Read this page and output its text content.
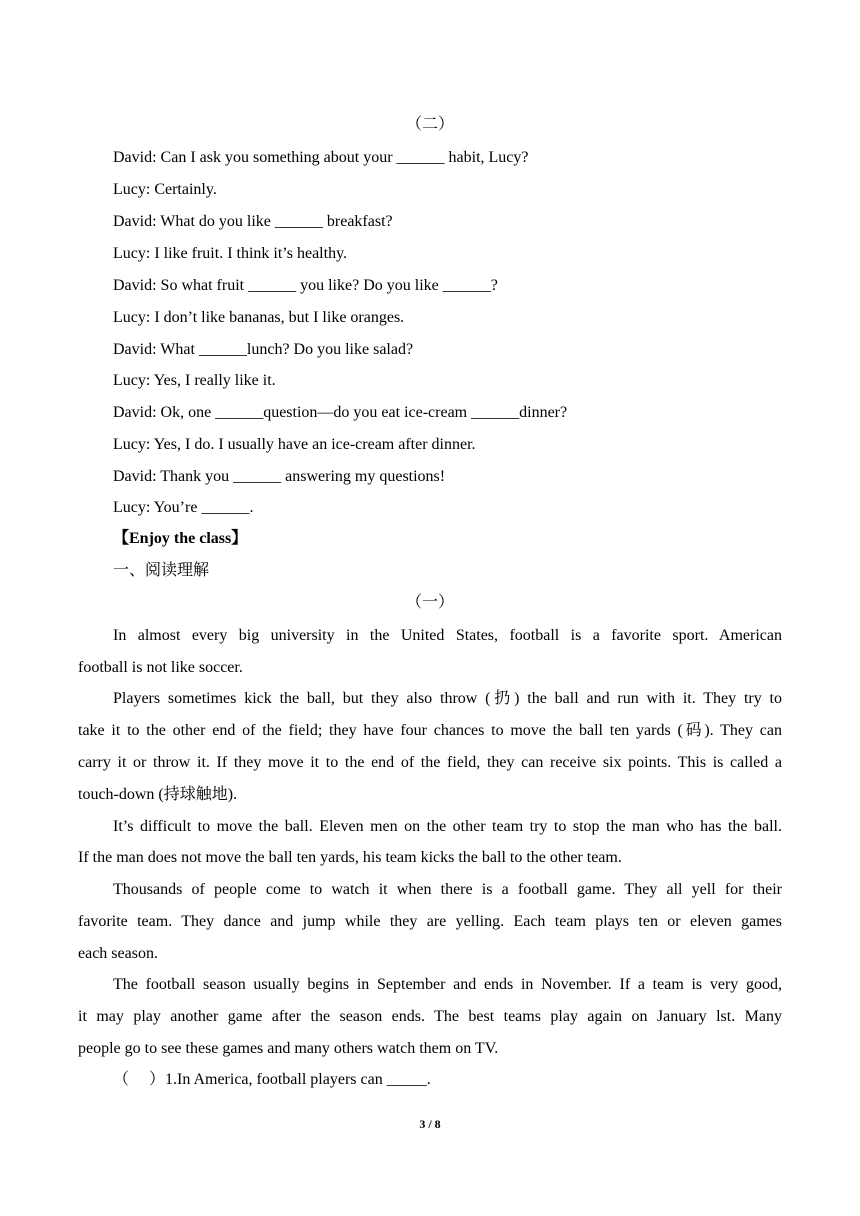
（二）
David: Can I ask you something about your ______ habit, Lucy?
Lucy: Certainly.
David: What do you like ______ breakfast?
Lucy: I like fruit. I think it’s healthy.
David: So what fruit ______ you like? Do you like ______?
Lucy: I don’t like bananas, but I like oranges.
David: What ______lunch? Do you like salad?
Lucy: Yes, I really like it.
David: Ok, one ______question—do you eat ice-cream ______dinner?
Lucy: Yes, I do. I usually have an ice-cream after dinner.
David: Thank you ______ answering my questions!
Lucy: You’re ______.
【Enjoy the class】
一、阅读理解
（一）
In almost every big university in the United States, football is a favorite sport. American
football is not like soccer.
Players sometimes kick the ball, but they also throw (扔) the ball and run with it. They try to
take it to the other end of the field; they have four chances to move the ball ten yards (码). They can
carry it or throw it. If they move it to the end of the field, they can receive six points. This is called a
touch-down (持球触地).
It’s difficult to move the ball. Eleven men on the other team try to stop the man who has the ball.
If the man does not move the ball ten yards, his team kicks the ball to the other team.
Thousands of people come to watch it when there is a football game. They all yell for their
favorite team. They dance and jump while they are yelling. Each team plays ten or eleven games
each season.
The football season usually begins in September and ends in November. If a team is very good,
it may play another game after the season ends. The best teams play again on January lst. Many
people go to see these games and many others watch them on TV.
（　 ）1.In America, football players can _____.
3 / 8
